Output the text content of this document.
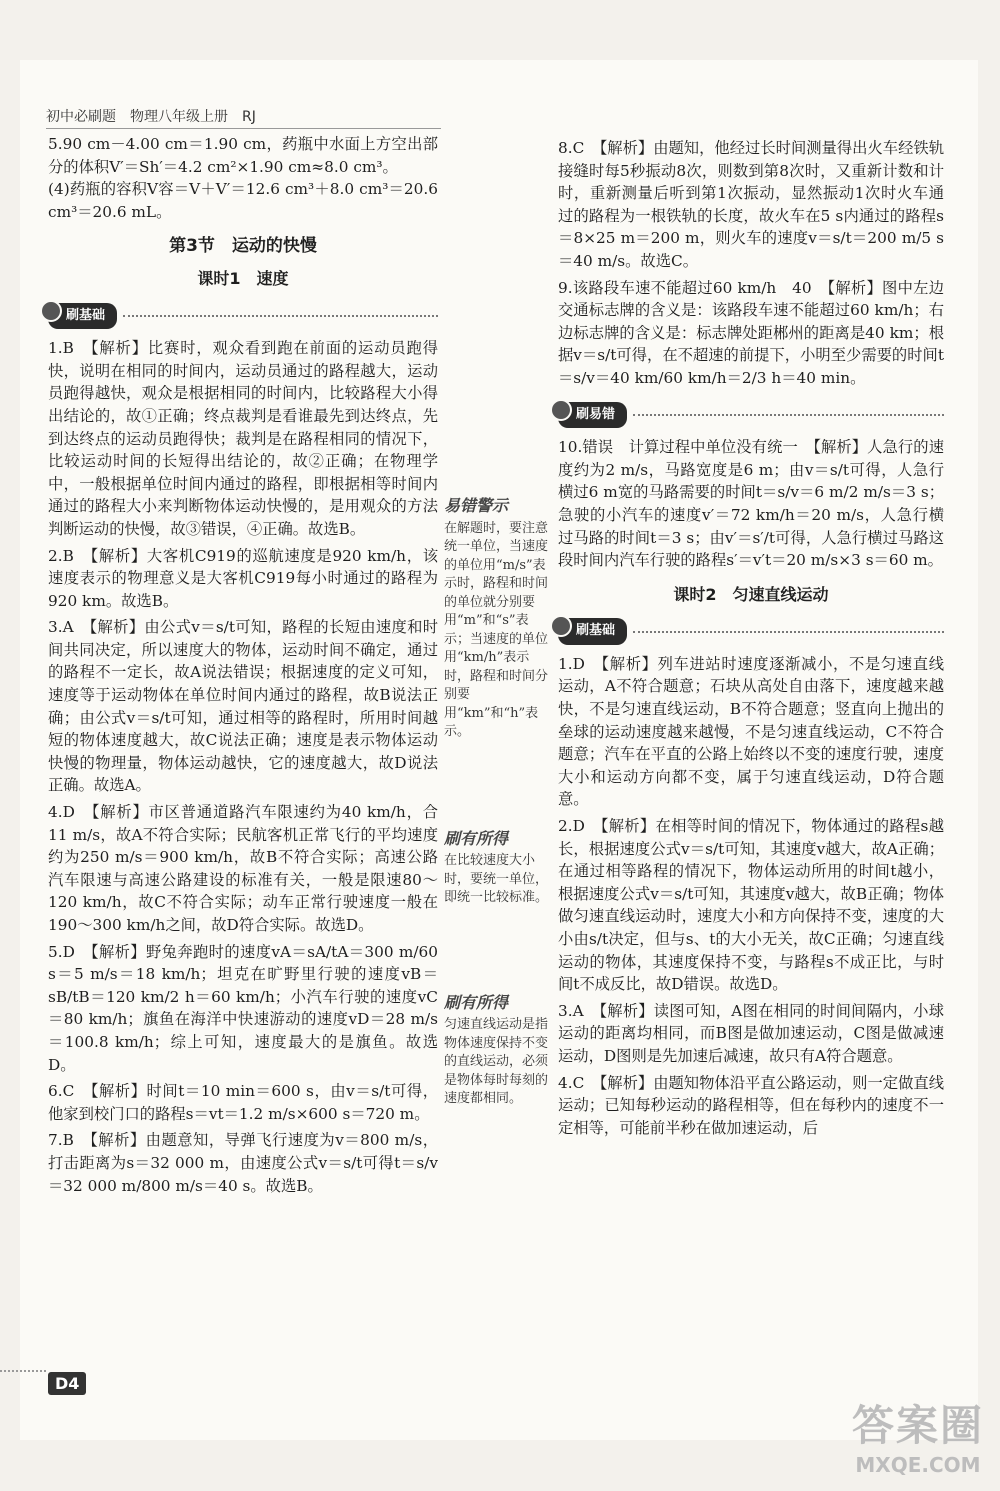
初中必刷题　物理八年级上册　RJ

5.90 cm－4.00 cm＝1.90 cm，药瓶中水面上方空出部分的体积V′＝Sh′＝4.2 cm²×1.90 cm≈8.0 cm³。

(4)药瓶的容积V容＝V＋V′＝12.6 cm³＋8.0 cm³＝20.6 cm³＝20.6 mL。

第3节　运动的快慢
课时1　速度
刷基础

1.B　【解析】比赛时，观众看到跑在前面的运动员跑得快，说明在相同的时间内，运动员通过的路程越大，运动员跑得越快，观众是根据相同的时间内，比较路程大小得出结论的，故①正确；终点裁判是看谁最先到达终点，先到达终点的运动员跑得快；裁判是在路程相同的情况下，比较运动时间的长短得出结论的，故②正确；在物理学中，一般根据单位时间内通过的路程，即根据相等时间内通过的路程大小来判断物体运动快慢的，是用观众的方法判断运动的快慢，故③错误，④正确。故选B。

2.B　【解析】大客机C919的巡航速度是920 km/h，该速度表示的物理意义是大客机C919每小时通过的路程为920 km。故选B。

3.A　【解析】由公式v＝s/t可知，路程的长短由速度和时间共同决定，所以速度大的物体，运动时间不确定，通过的路程不一定长，故A说法错误；根据速度的定义可知，速度等于运动物体在单位时间内通过的路程，故B说法正确；由公式v＝s/t可知，通过相等的路程时，所用时间越短的物体速度越大，故C说法正确；速度是表示物体运动快慢的物理量，物体运动越快，它的速度越大，故D说法正确。故选A。

4.D　【解析】市区普通道路汽车限速约为40 km/h，合11 m/s，故A不符合实际；民航客机正常飞行的平均速度约为250 m/s＝900 km/h，故B不符合实际；高速公路汽车限速与高速公路建设的标准有关，一般是限速80～120 km/h，故C不符合实际；动车正常行驶速度一般在190～300 km/h之间，故D符合实际。故选D。

5.D　【解析】野兔奔跑时的速度vA＝sA/tA＝300 m/60 s＝5 m/s＝18 km/h；坦克在旷野里行驶的速度vB＝sB/tB＝120 km/2 h＝60 km/h；小汽车行驶的速度vC＝80 km/h；旗鱼在海洋中快速游动的速度vD＝28 m/s＝100.8 km/h；综上可知，速度最大的是旗鱼。故选D。

6.C　【解析】时间t＝10 min＝600 s，由v＝s/t可得，他家到校门口的路程s＝vt＝1.2 m/s×600 s＝720 m。

7.B　【解析】由题意知，导弹飞行速度为v＝800 m/s，打击距离为s＝32 000 m，由速度公式v＝s/t可得t＝s/v＝32 000 m/800 m/s＝40 s。故选B。

易错警示
在解题时，要注意统一单位，当速度的单位用“m/s”表示时，路程和时间的单位就分别要用“m”和“s”表示；当速度的单位用“km/h”表示时，路程和时间分别要用“km”和“h”表示。
刷有所得
在比较速度大小时，要统一单位，即统一比较标准。
刷有所得
匀速直线运动是指物体速度保持不变的直线运动，必须是物体每时每刻的速度都相同。

8.C　【解析】由题知，他经过长时间测量得出火车经铁轨接缝时每5秒振动8次，则数到第8次时，又重新计数和计时，重新测量后听到第1次振动，显然振动1次时火车通过的路程为一根铁轨的长度，故火车在5 s内通过的路程s＝8×25 m＝200 m，则火车的速度v＝s/t＝200 m/5 s＝40 m/s。故选C。

9.该路段车速不能超过60 km/h　40　【解析】图中左边交通标志牌的含义是：该路段车速不能超过60 km/h；右边标志牌的含义是：标志牌处距郴州的距离是40 km；根据v＝s/t可得，在不超速的前提下，小明至少需要的时间t＝s/v＝40 km/60 km/h＝2/3 h＝40 min。

刷易错

10.错误　计算过程中单位没有统一　【解析】人急行的速度约为2 m/s，马路宽度是6 m；由v＝s/t可得，人急行横过6 m宽的马路需要的时间t＝s/v＝6 m/2 m/s＝3 s；急驶的小汽车的速度v′＝72 km/h＝20 m/s，人急行横过马路的时间t＝3 s；由v′＝s′/t可得，人急行横过马路这段时间内汽车行驶的路程s′＝v′t＝20 m/s×3 s＝60 m。

课时2　匀速直线运动
刷基础

1.D　【解析】列车进站时速度逐渐减小，不是匀速直线运动，A不符合题意；石块从高处自由落下，速度越来越快，不是匀速直线运动，B不符合题意；竖直向上抛出的垒球的运动速度越来越慢，不是匀速直线运动，C不符合题意；汽车在平直的公路上始终以不变的速度行驶，速度大小和运动方向都不变，属于匀速直线运动，D符合题意。

2.D　【解析】在相等时间的情况下，物体通过的路程s越长，根据速度公式v＝s/t可知，其速度v越大，故A正确；在通过相等路程的情况下，物体运动所用的时间t越小，根据速度公式v＝s/t可知，其速度v越大，故B正确；物体做匀速直线运动时，速度大小和方向保持不变，速度的大小由s/t决定，但与s、t的大小无关，故C正确；匀速直线运动的物体，其速度保持不变，与路程s不成正比，与时间t不成反比，故D错误。故选D。

3.A　【解析】读图可知，A图在相同的时间间隔内，小球运动的距离均相同，而B图是做加速运动，C图是做减速运动，D图则是先加速后减速，故只有A符合题意。

4.C　【解析】由题知物体沿平直公路运动，则一定做直线运动；已知每秒运动的路程相等，但在每秒内的速度不一定相等，可能前半秒在做加速运动，后

D4
答案圈
MXQE.COM
